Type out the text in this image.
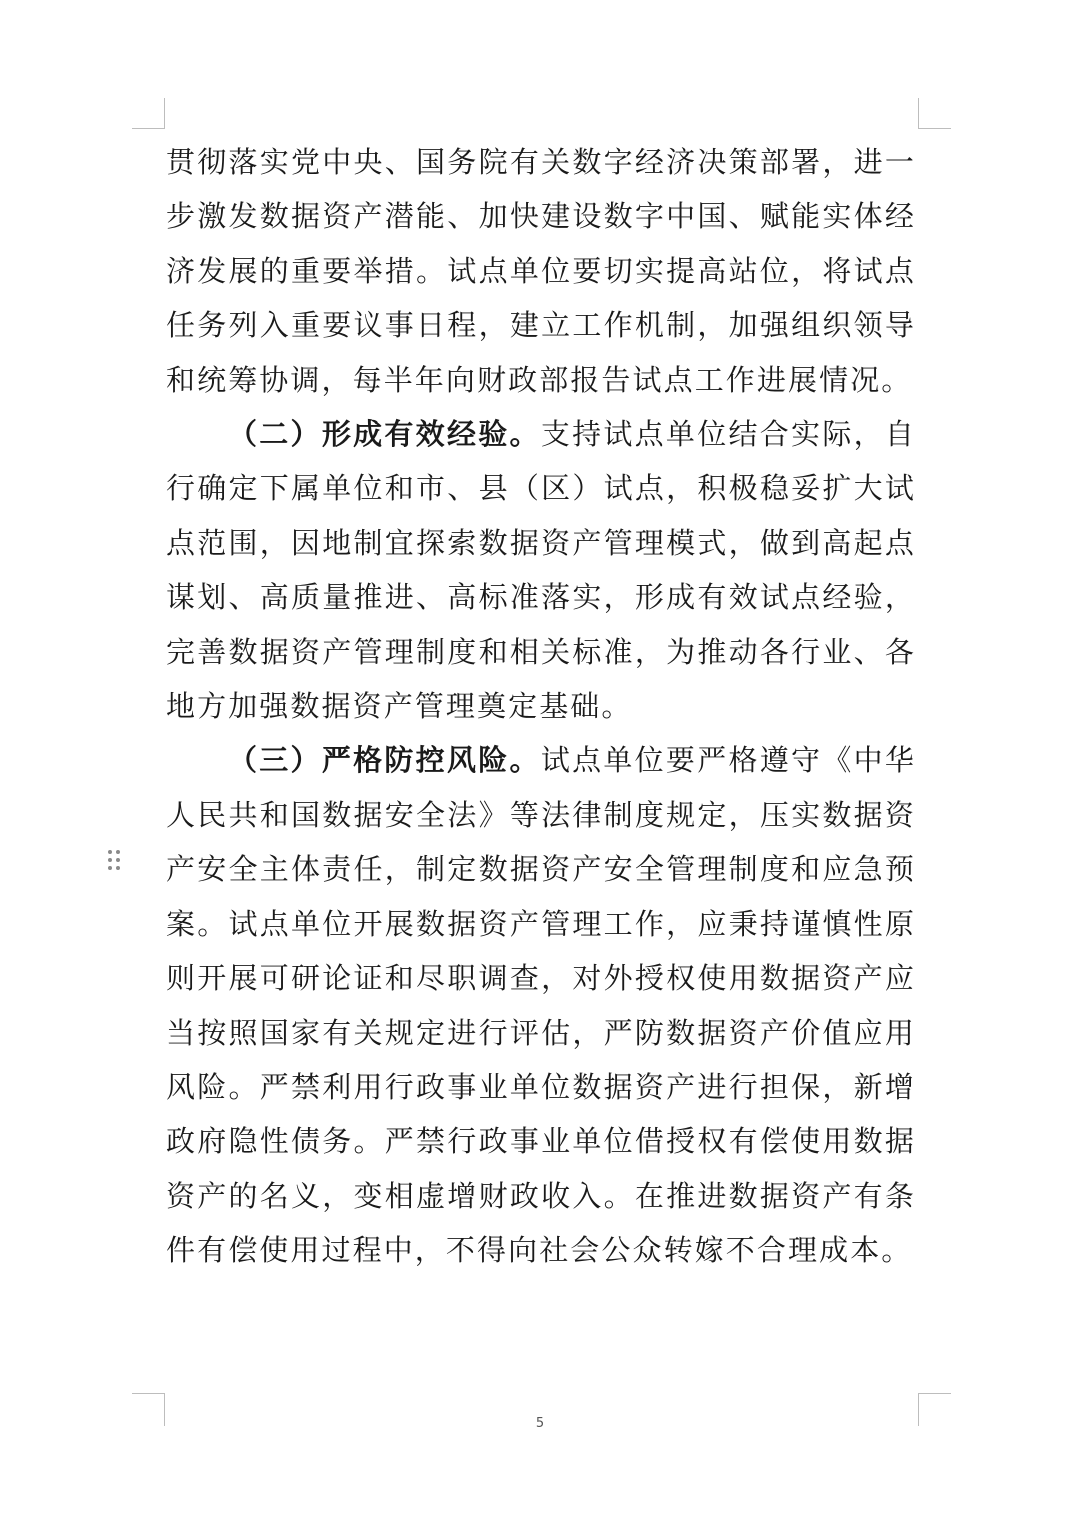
贯彻落实党中央、国务院有关数字经济决策部署，进一步激发数据资产潜能、加快建设数字中国、赋能实体经济发展的重要举措。试点单位要切实提高站位，将试点任务列入重要议事日程，建立工作机制，加强组织领导和统筹协调，每半年向财政部报告试点工作进展情况。

（二）形成有效经验。支持试点单位结合实际，自行确定下属单位和市、县（区）试点，积极稳妥扩大试点范围，因地制宜探索数据资产管理模式，做到高起点谋划、高质量推进、高标准落实，形成有效试点经验，完善数据资产管理制度和相关标准，为推动各行业、各地方加强数据资产管理奠定基础。

（三）严格防控风险。试点单位要严格遵守《中华人民共和国数据安全法》等法律制度规定，压实数据资产安全主体责任，制定数据资产安全管理制度和应急预案。试点单位开展数据资产管理工作，应秉持谨慎性原则开展可研论证和尽职调查，对外授权使用数据资产应当按照国家有关规定进行评估，严防数据资产价值应用风险。严禁利用行政事业单位数据资产进行担保，新增政府隐性债务。严禁行政事业单位借授权有偿使用数据资产的名义，变相虚增财政收入。在推进数据资产有条件有偿使用过程中，不得向社会公众转嫁不合理成本。

5
